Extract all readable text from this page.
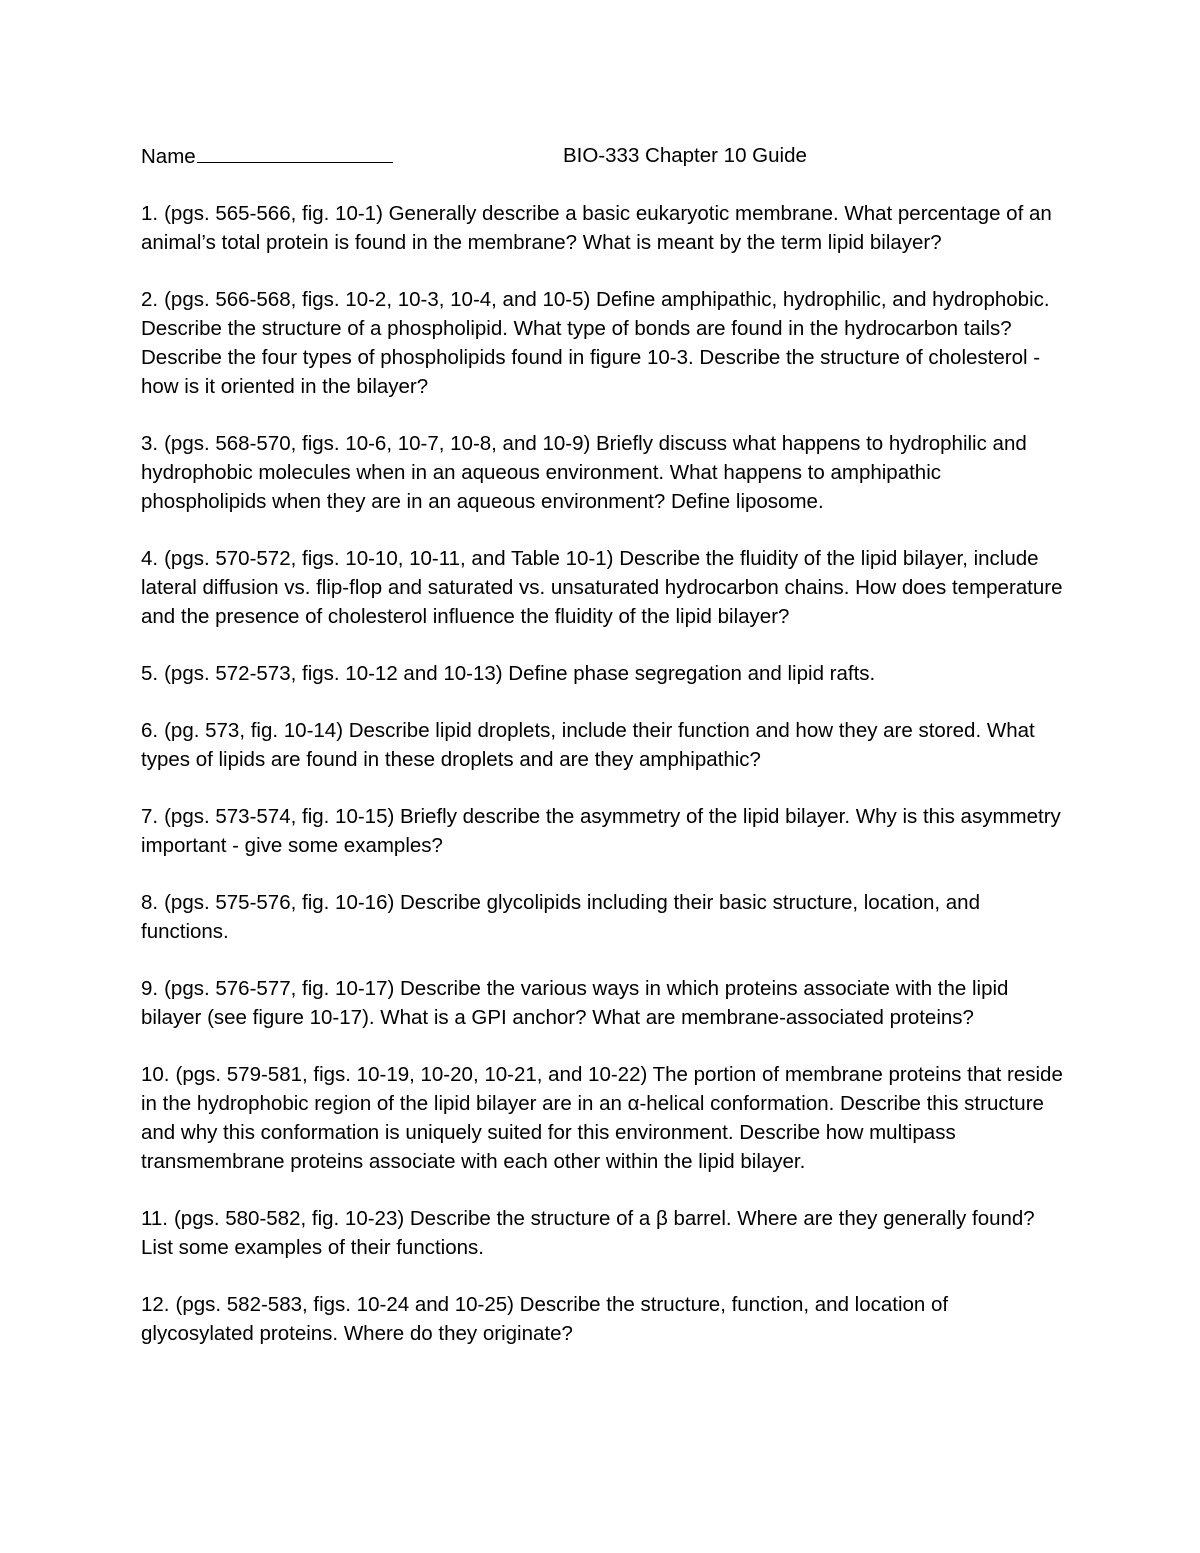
Name	BIO-333 Chapter 10 Guide

1. (pgs. 565-566, fig. 10-1) Generally describe a basic eukaryotic membrane. What percentage of an animal’s total protein is found in the membrane? What is meant by the term lipid bilayer?

2. (pgs. 566-568, figs. 10-2, 10-3, 10-4, and 10-5) Define amphipathic, hydrophilic, and hydrophobic. Describe the structure of a phospholipid. What type of bonds are found in the hydrocarbon tails? Describe the four types of phospholipids found in figure 10-3. Describe the structure of cholesterol - how is it oriented in the bilayer?

3. (pgs. 568-570, figs. 10-6, 10-7, 10-8, and 10-9) Briefly discuss what happens to hydrophilic and hydrophobic molecules when in an aqueous environment. What happens to amphipathic phospholipids when they are in an aqueous environment? Define liposome.

4. (pgs. 570-572, figs. 10-10, 10-11, and Table 10-1) Describe the fluidity of the lipid bilayer, include lateral diffusion vs. flip-flop and saturated vs. unsaturated hydrocarbon chains. How does temperature and the presence of cholesterol influence the fluidity of the lipid bilayer?

5. (pgs. 572-573, figs. 10-12 and 10-13) Define phase segregation and lipid rafts.

6. (pg. 573, fig. 10-14) Describe lipid droplets, include their function and how they are stored. What types of lipids are found in these droplets and are they amphipathic?

7. (pgs. 573-574, fig. 10-15) Briefly describe the asymmetry of the lipid bilayer. Why is this asymmetry important - give some examples?

8. (pgs. 575-576, fig. 10-16) Describe glycolipids including their basic structure, location, and functions.

9. (pgs. 576-577, fig. 10-17) Describe the various ways in which proteins associate with the lipid bilayer (see figure 10-17). What is a GPI anchor? What are membrane-associated proteins?

10. (pgs. 579-581, figs. 10-19, 10-20, 10-21, and 10-22) The portion of membrane proteins that reside in the hydrophobic region of the lipid bilayer are in an α-helical conformation. Describe this structure and why this conformation is uniquely suited for this environment. Describe how multipass transmembrane proteins associate with each other within the lipid bilayer.

11. (pgs. 580-582, fig. 10-23) Describe the structure of a β barrel. Where are they generally found? List some examples of their functions.

12. (pgs. 582-583, figs. 10-24 and 10-25) Describe the structure, function, and location of glycosylated proteins. Where do they originate?
